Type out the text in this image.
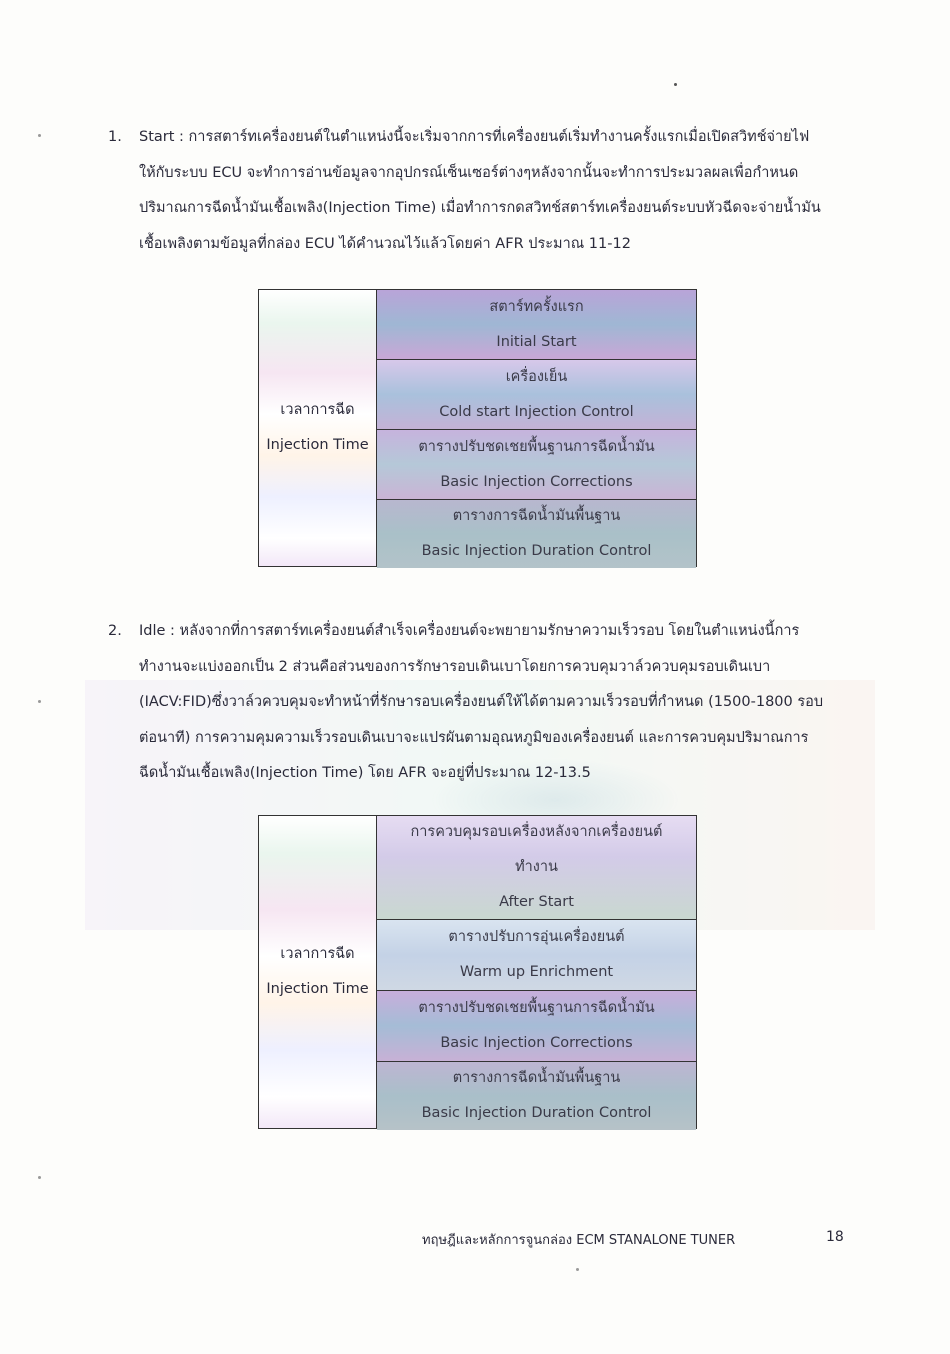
1. Start : การสตาร์ทเครื่องยนต์ในตำแหน่งนี้จะเริ่มจากการที่เครื่องยนต์เริ่มทำงานครั้งแรกเมื่อเปิดสวิทช์จ่ายไฟ
ให้กับระบบ ECU จะทำการอ่านข้อมูลจากอุปกรณ์เซ็นเซอร์ต่างๆหลังจากนั้นจะทำการประมวลผลเพื่อกำหนด
ปริมาณการฉีดน้ำมันเชื้อเพลิง(Injection Time) เมื่อทำการกดสวิทช์สตาร์ทเครื่องยนต์ระบบหัวฉีดจะจ่ายน้ำมัน
เชื้อเพลิงตามข้อมูลที่กล่อง ECU ได้คำนวณไว้แล้วโดยค่า AFR ประมาณ 11-12
เวลาการฉีด
Injection Time
สตาร์ทครั้งแรก
Initial Start
เครื่องเย็น
Cold start Injection Control
ตารางปรับชดเชยพื้นฐานการฉีดน้ำมัน
Basic Injection Corrections
ตารางการฉีดน้ำมันพื้นฐาน
Basic Injection Duration Control
2. Idle : หลังจากที่การสตาร์ทเครื่องยนต์สำเร็จเครื่องยนต์จะพยายามรักษาความเร็วรอบ โดยในตำแหน่งนี้การ
ทำงานจะแบ่งออกเป็น 2 ส่วนคือส่วนของการรักษารอบเดินเบาโดยการควบคุมวาล์วควบคุมรอบเดินเบา
(IACV:FID)ซึ่งวาล์วควบคุมจะทำหน้าที่รักษารอบเครื่องยนต์ให้ได้ตามความเร็วรอบที่กำหนด (1500-1800 รอบ
ต่อนาที) การความคุมความเร็วรอบเดินเบาจะแปรผันตามอุณหภูมิของเครื่องยนต์ และการควบคุมปริมาณการ
ฉีดน้ำมันเชื้อเพลิง(Injection Time) โดย AFR จะอยู่ที่ประมาณ 12-13.5
เวลาการฉีด
Injection Time
การควบคุมรอบเครื่องหลังจากเครื่องยนต์
ทำงาน
After Start
ตารางปรับการอุ่นเครื่องยนต์
Warm up Enrichment
ตารางปรับชดเชยพื้นฐานการฉีดน้ำมัน
Basic Injection Corrections
ตารางการฉีดน้ำมันพื้นฐาน
Basic Injection Duration Control
ทฤษฎีและหลักการจูนกล่อง ECM STANALONE TUNER	18
